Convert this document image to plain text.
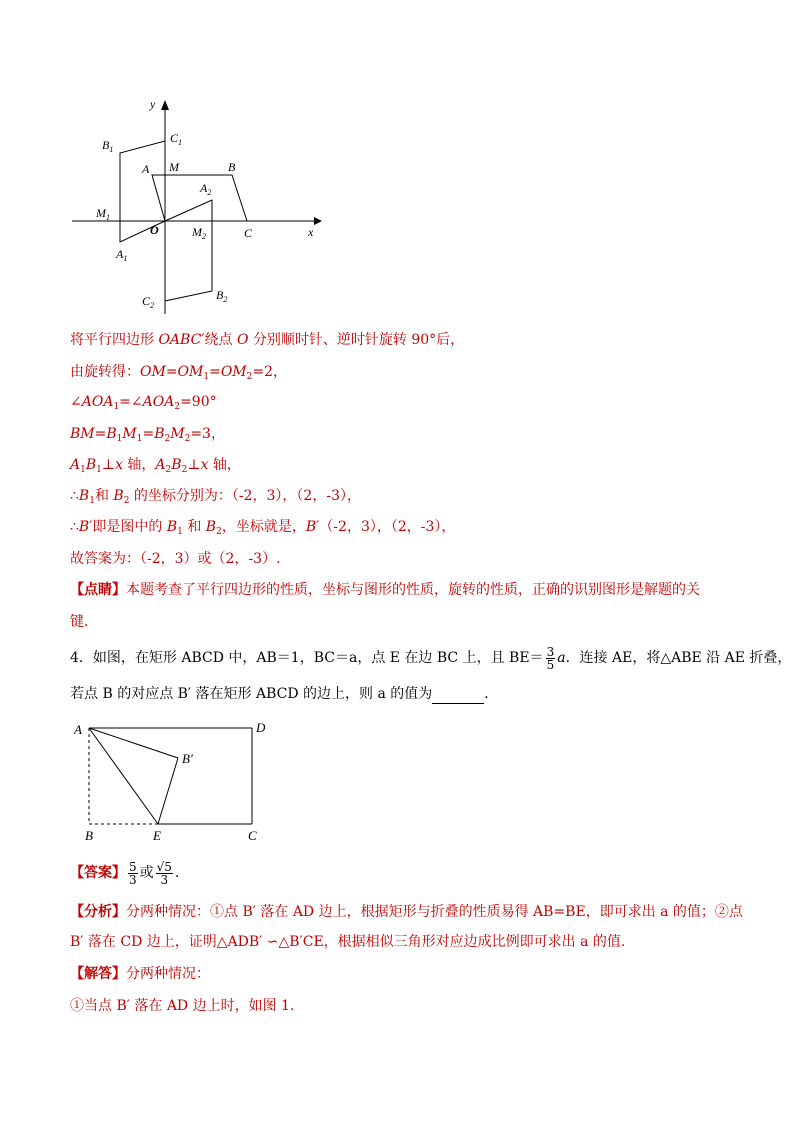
y
x
O	C
A M	B
$B_1$
$C_1$
$M_1$
$A_1$
$A_2$
$M_2$
$B_2$
$C_2$
将平行四边形 OABC′绕点 O 分别顺时针、逆时针旋转 90°后，
由旋转得：$OM=OM_1=OM_2=2$，
$\angle AOA_1=\angle AOA_2=90^\circ$
$BM=B_1M_1=B_2M_2=3$，
$A_1B_1\perp x$ 轴，$A_2B_2\perp x$ 轴，
$\therefore B_1$和 $B_2$ 的坐标分别为：（-2，3），（2，-3），
∴B′即是图中的 $B_1$ 和 $B_2$，坐标就是，B′（-2，3），（2，-3），
故答案为：（-2，3）或（2，-3）.
【点睛】本题考查了平行四边形的性质，坐标与图形的性质，旋转的性质，正确的识别图形是解题的关
键.
4．如图，在矩形 ABCD 中，AB＝1，BC＝a，点 E 在边 BC 上，且 $BE= \frac{3}{5}$ a．连接 AE，将△ABE 沿 AE 折叠，
若点 B 的对应点 B′ 落在矩形 ABCD 的边上，则 a 的值为	．
A	D
B′
B	E	C
【答案】 $\frac{5}{3}$ 或 $\frac{√5}{3}$ .
【分析】分两种情况：①点 B′ 落在 AD 边上，根据矩形与折叠的性质易得 AB=BE，即可求出 a 的值；②点
B′ 落在 CD 边上，证明△ADB′ ∽△B′CE，根据相似三角形对应边成比例即可求出 a 的值.
【解答】分两种情况：
①当点 B′ 落在 AD 边上时，如图 1.
